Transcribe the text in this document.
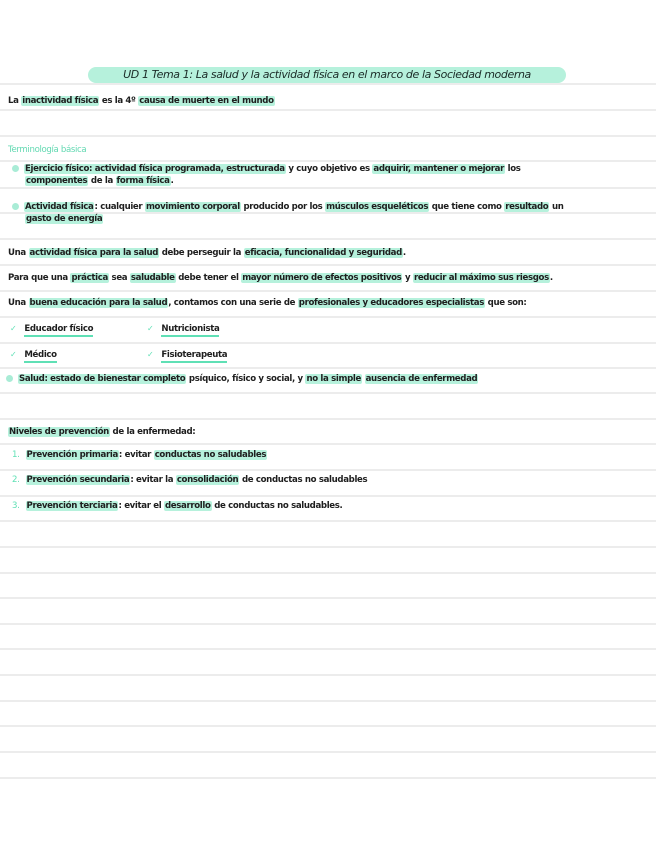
UD 1 Tema 1: La salud y la actividad física en el marco de la Sociedad moderna
La inactividad física es la 4º causa de muerte en el mundo
Terminología básica
Ejercicio físico: actividad física programada, estructurada y cuyo objetivo es adquirir, mantener o mejorar los
componentes de la forma física.
Actividad física: cualquier movimiento corporal producido por los músculos esqueléticos que tiene como resultado un
gasto de energía
Una actividad física para la salud debe perseguir la eficacia, funcionalidad y seguridad.
Para que una práctica sea saludable debe tener el mayor número de efectos positivos y reducir al máximo sus riesgos.
Una buena educación para la salud, contamos con una serie de profesionales y educadores especialistas que son:
✓ Educador físico	✓ Nutricionista
✓ Médico	✓ Fisioterapeuta
Salud: estado de bienestar completo psíquico, físico y social, y no la simple ausencia de enfermedad
Niveles de prevención de la enfermedad:
1. Prevención primaria: evitar conductas no saludables
2. Prevención secundaria: evitar la consolidación de conductas no saludables
3. Prevención terciaria: evitar el desarrollo de conductas no saludables.
